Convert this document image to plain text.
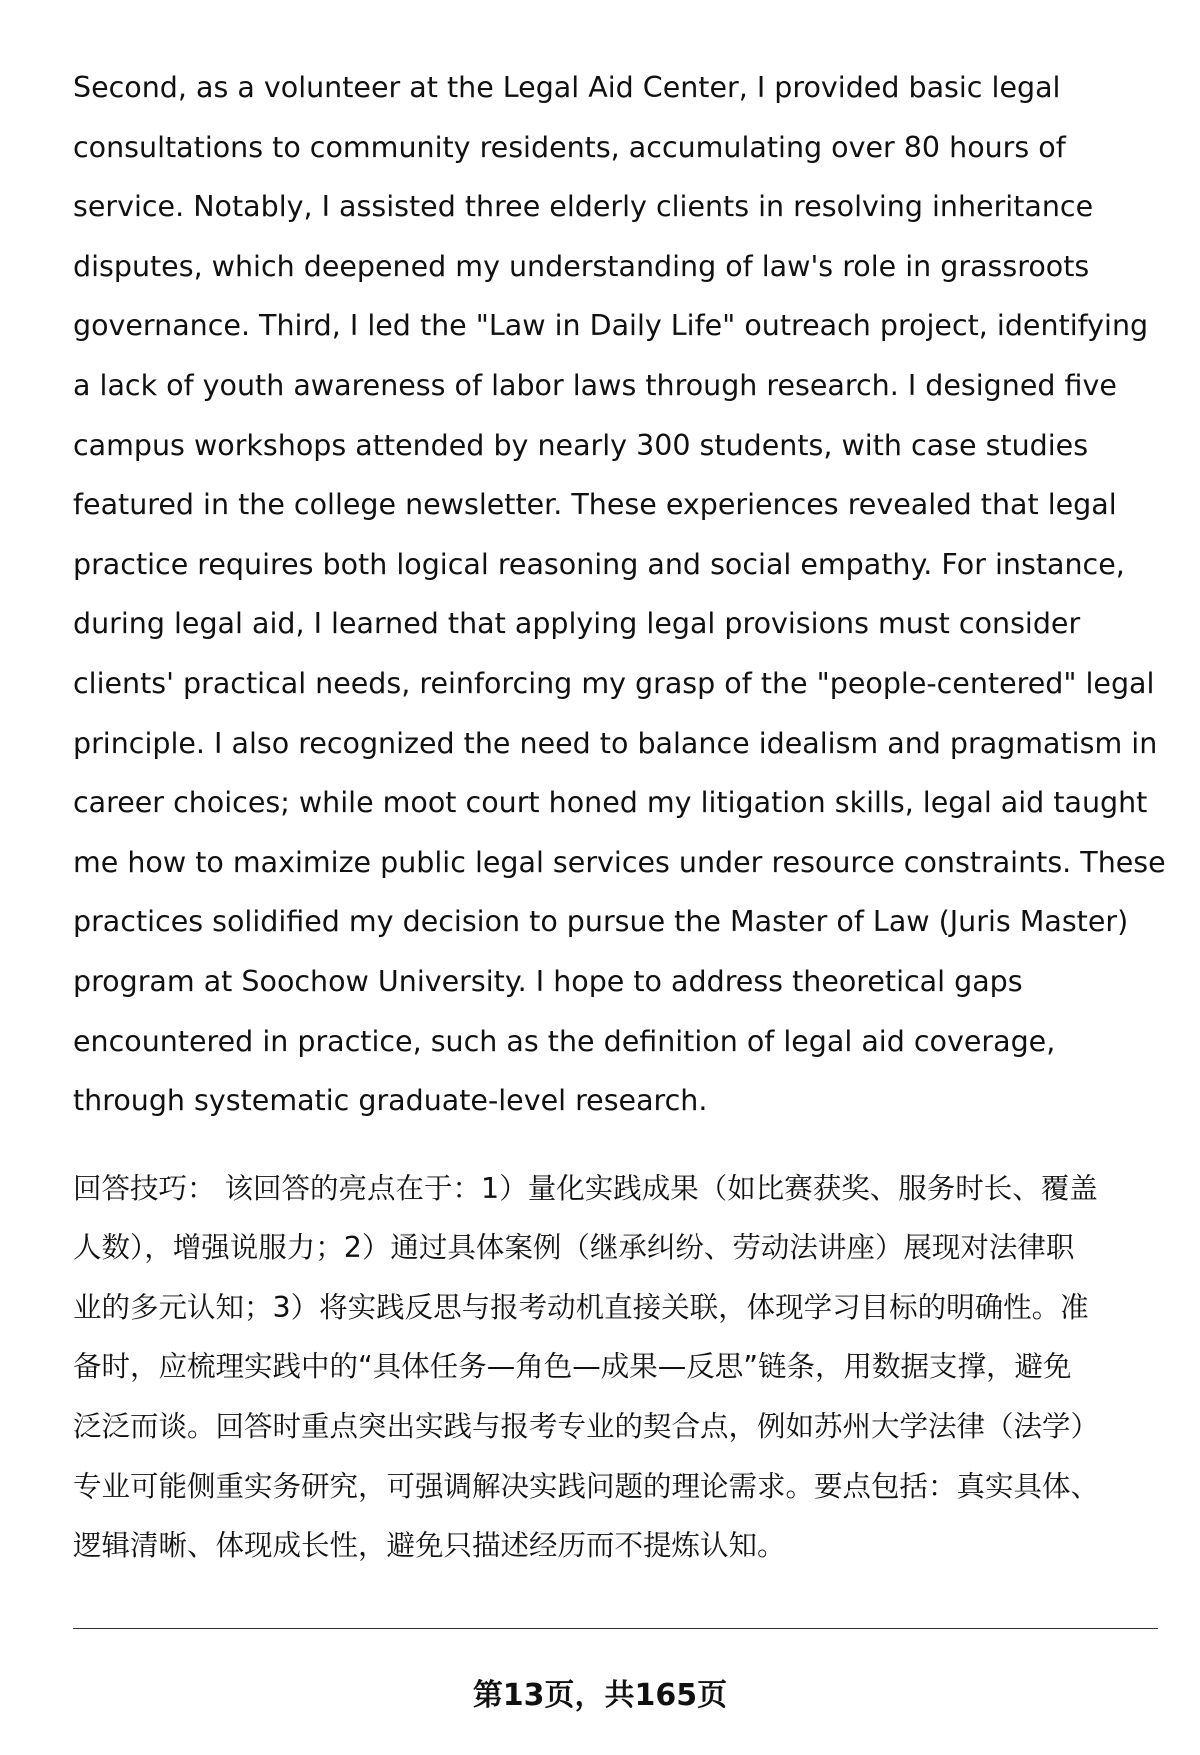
Second, as a volunteer at the Legal Aid Center, I provided basic legal
consultations to community residents, accumulating over 80 hours of
service. Notably, I assisted three elderly clients in resolving inheritance
disputes, which deepened my understanding of law's role in grassroots
governance. Third, I led the "Law in Daily Life" outreach project, identifying
a lack of youth awareness of labor laws through research. I designed five
campus workshops attended by nearly 300 students, with case studies
featured in the college newsletter. These experiences revealed that legal
practice requires both logical reasoning and social empathy. For instance,
during legal aid, I learned that applying legal provisions must consider
clients' practical needs, reinforcing my grasp of the "people-centered" legal
principle. I also recognized the need to balance idealism and pragmatism in
career choices; while moot court honed my litigation skills, legal aid taught
me how to maximize public legal services under resource constraints. These
practices solidified my decision to pursue the Master of Law (Juris Master)
program at Soochow University. I hope to address theoretical gaps
encountered in practice, such as the definition of legal aid coverage,
through systematic graduate-level research.
回答技巧： 该回答的亮点在于：1）量化实践成果（如比赛获奖、服务时长、覆盖
人数），增强说服力；2）通过具体案例（继承纠纷、劳动法讲座）展现对法律职
业的多元认知；3）将实践反思与报考动机直接关联，体现学习目标的明确性。准
备时，应梳理实践中的“具体任务—角色—成果—反思”链条，用数据支撑，避免
泛泛而谈。回答时重点突出实践与报考专业的契合点，例如苏州大学法律（法学）
专业可能侧重实务研究，可强调解决实践问题的理论需求。要点包括：真实具体、
逻辑清晰、体现成长性，避免只描述经历而不提炼认知。
第13页，共165页
